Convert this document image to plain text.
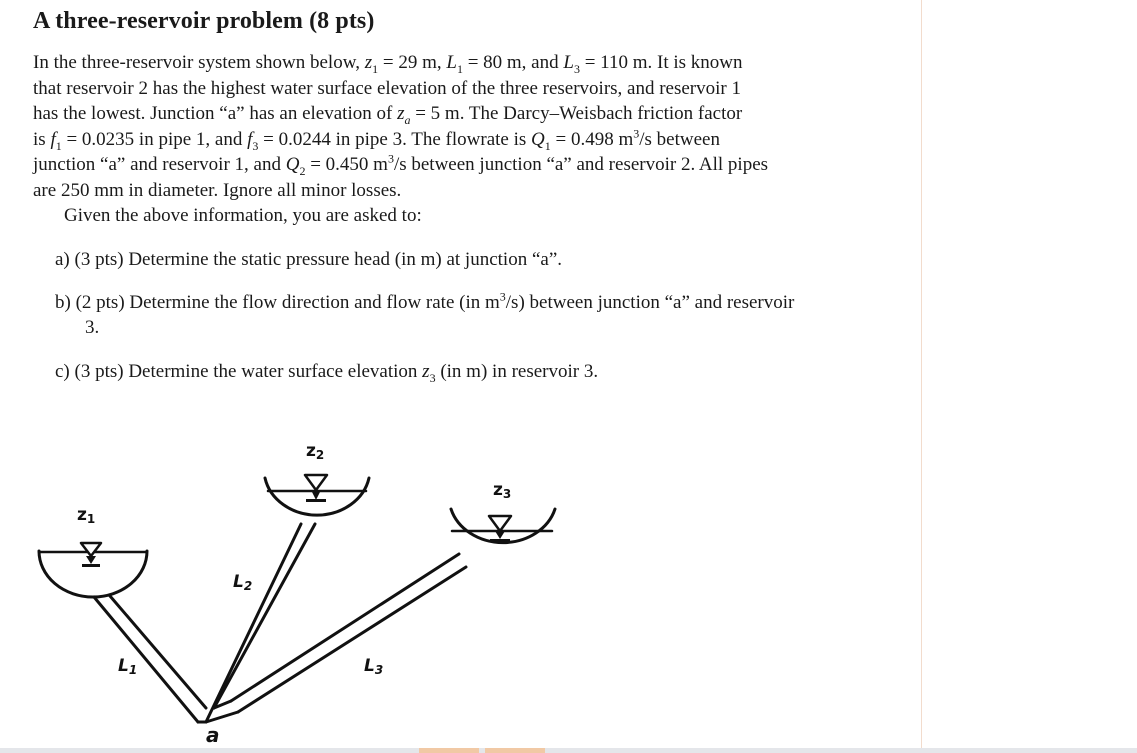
A three-reservoir problem (8 pts)

In the three-reservoir system shown below, $z_1 = 29$ m, $L_1 = 80$ m, and $L_3 = 110$ m. It is known

that reservoir 2 has the highest water surface elevation of the three reservoirs, and reservoir 1

has the lowest. Junction “a” has an elevation of $z_a = 5$ m. The Darcy–Weisbach friction factor

is $f_1 = 0.0235$ in pipe 1, and $f_3 = 0.0244$ in pipe 3. The flowrate is $Q_1 = 0.498$ $m^3/s$ between

junction “a” and reservoir 1, and $Q_2 = 0.450$ $m^3/s$ between junction “a” and reservoir 2. All pipes

are 250 mm in diameter. Ignore all minor losses.

Given the above information, you are asked to:

a) (3 pts) Determine the static pressure head (in m) at junction “a”.

b) (2 pts) Determine the flow direction and flow rate (in $m^3/s$) between junction “a” and reservoir
3.

c) (3 pts) Determine the water surface elevation $z_3$ (in m) in reservoir 3.

z1
z2
z3
L1
L2
L3
a
